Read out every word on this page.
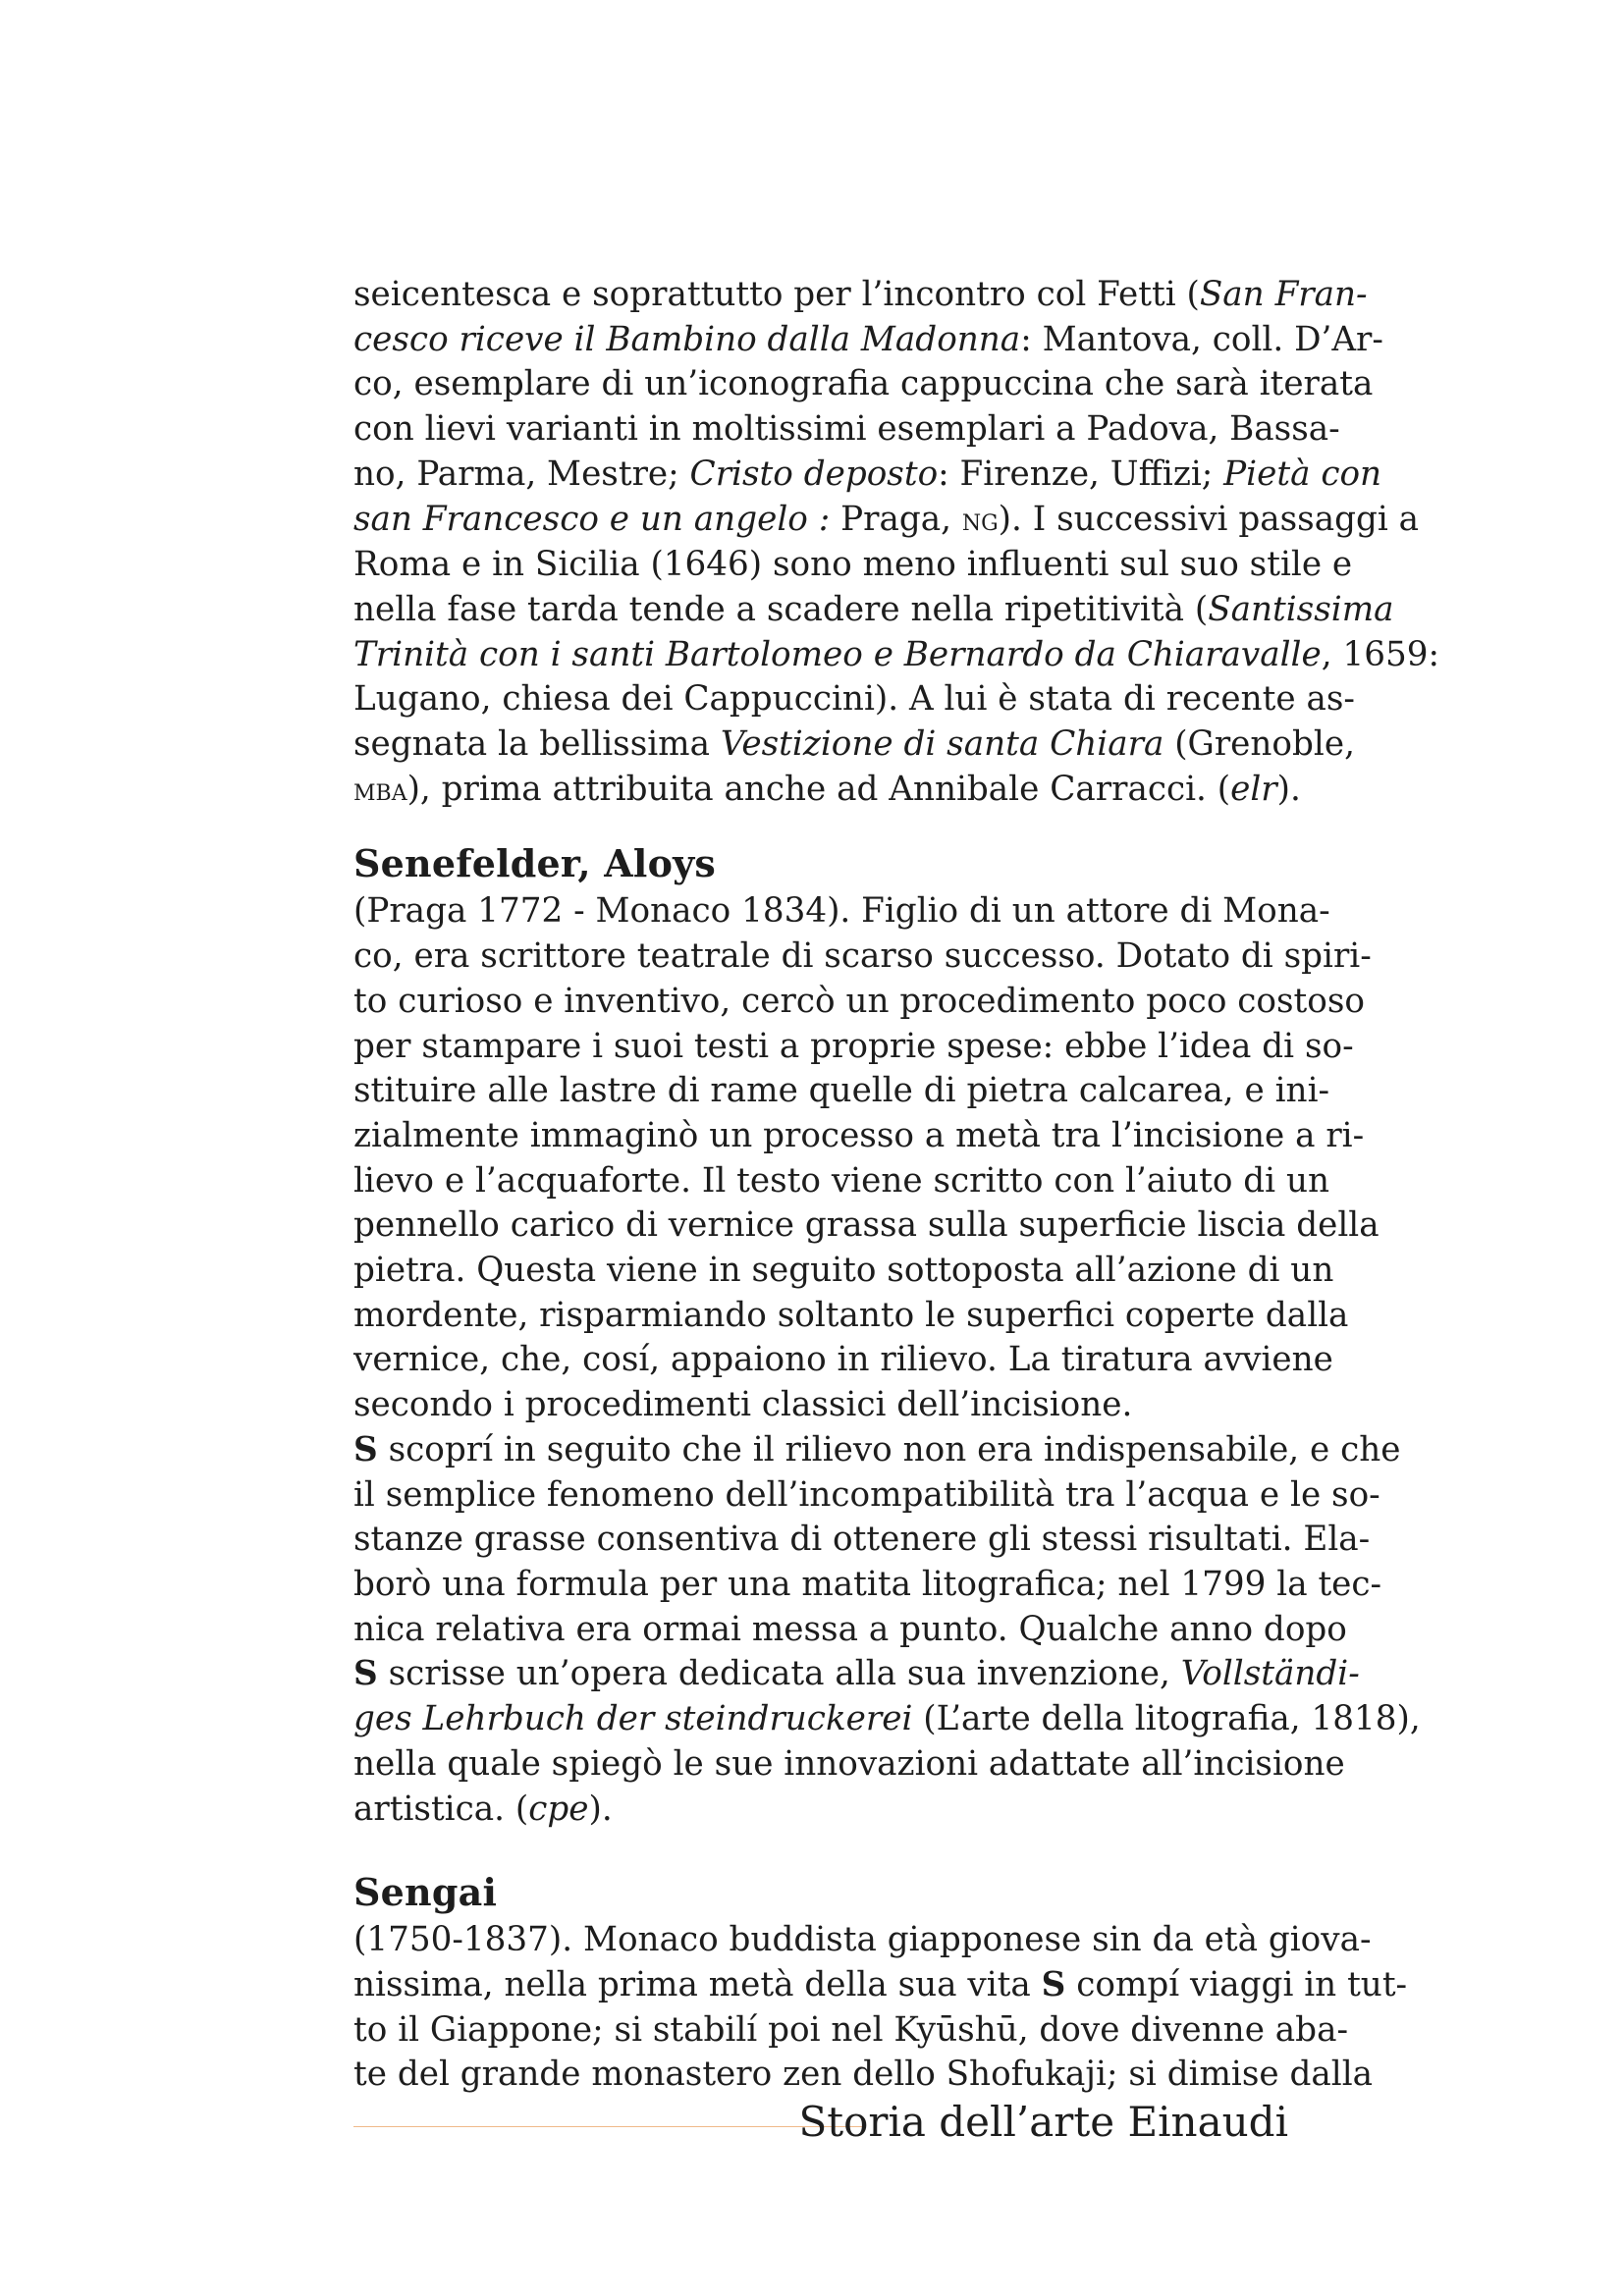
seicentesca e soprattutto per l’incontro col Fetti (San Fran-
cesco riceve il Bambino dalla Madonna: Mantova, coll. D’Ar-
co, esemplare di un’iconografia cappuccina che sarà iterata
con lievi varianti in moltissimi esemplari a Padova, Bassa-
no, Parma, Mestre; Cristo deposto: Firenze, Uffizi; Pietà con
san Francesco e un angelo : Praga, ng). I successivi passaggi a
Roma e in Sicilia (1646) sono meno influenti sul suo stile e
nella fase tarda tende a scadere nella ripetitività (Santissima
Trinità con i santi Bartolomeo e Bernardo da Chiaravalle, 1659:
Lugano, chiesa dei Cappuccini). A lui è stata di recente as-
segnata la bellissima Vestizione di santa Chiara (Grenoble,
mba), prima attribuita anche ad Annibale Carracci. (elr).
Senefelder, Aloys
(Praga 1772 - Monaco 1834). Figlio di un attore di Mona-
co, era scrittore teatrale di scarso successo. Dotato di spiri-
to curioso e inventivo, cercò un procedimento poco costoso
per stampare i suoi testi a proprie spese: ebbe l’idea di so-
stituire alle lastre di rame quelle di pietra calcarea, e ini-
zialmente immaginò un processo a metà tra l’incisione a ri-
lievo e l’acquaforte. Il testo viene scritto con l’aiuto di un
pennello carico di vernice grassa sulla superficie liscia della
pietra. Questa viene in seguito sottoposta all’azione di un
mordente, risparmiando soltanto le superfici coperte dalla
vernice, che, cosí, appaiono in rilievo. La tiratura avviene
secondo i procedimenti classici dell’incisione.
S scoprí in seguito che il rilievo non era indispensabile, e che
il semplice fenomeno dell’incompatibilità tra l’acqua e le so-
stanze grasse consentiva di ottenere gli stessi risultati. Ela-
borò una formula per una matita litografica; nel 1799 la tec-
nica relativa era ormai messa a punto. Qualche anno dopo
S scrisse un’opera dedicata alla sua invenzione, Vollständi-
ges Lehrbuch der steindruckerei (L’arte della litografia, 1818),
nella quale spiegò le sue innovazioni adattate all’incisione
artistica. (cpe).
Sengai
(1750-1837). Monaco buddista giapponese sin da età giova-
nissima, nella prima metà della sua vita S compí viaggi in tut-
to il Giappone; si stabilí poi nel Kyūshū, dove divenne aba-
te del grande monastero zen dello Shofukaji; si dimise dalla
Storia dell’arte Einaudi
